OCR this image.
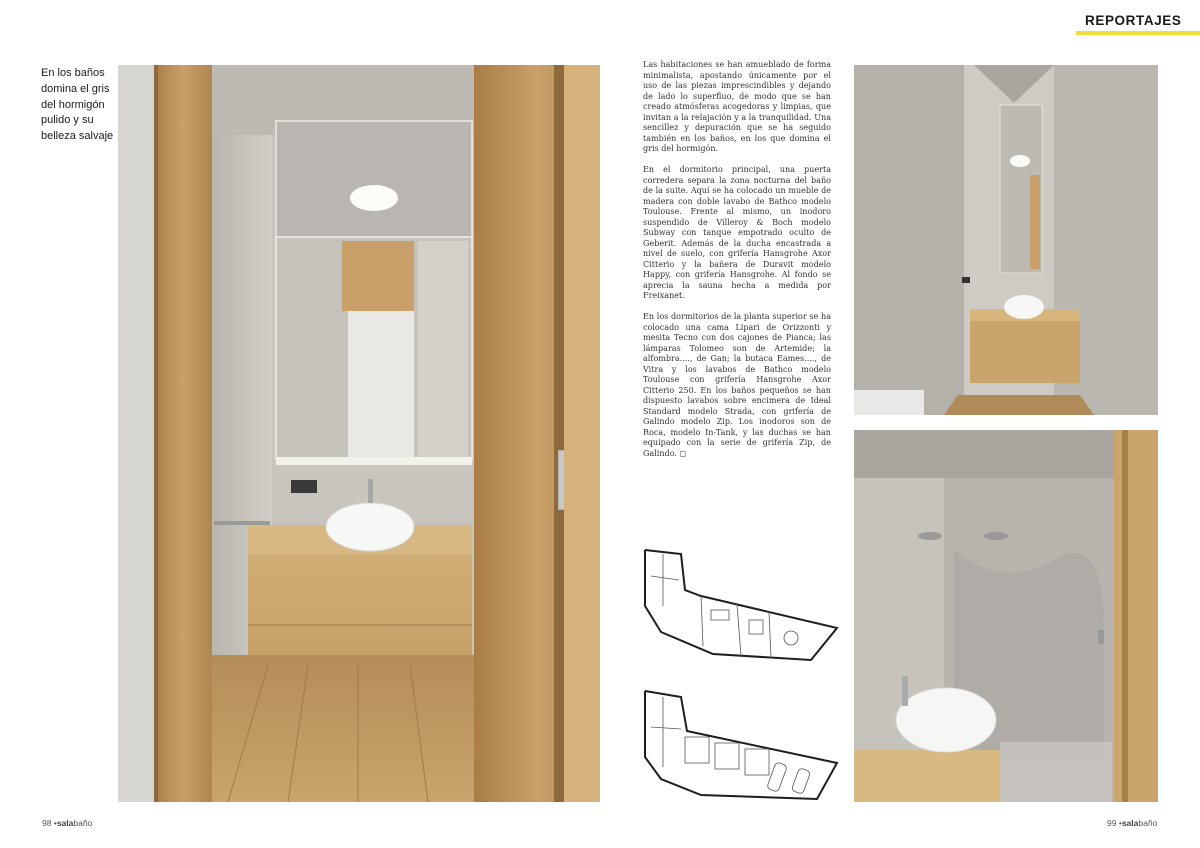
REPORTAJES
En los baños
domina el gris
del hormigón
pulido y su
belleza salvaje

Las habitaciones se han amueblado de forma minimalista, apostando únicamente por el uso de las piezas imprescindibles y dejando de lado lo superfluo, de modo que se han creado atmósferas acogedoras y limpias, que invitan a la relajación y a la tranquilidad. Una sencillez y depuración que se ha seguido también en los baños, en los que domina el gris del hormigón.

En el dormitorio principal, una puerta corredera separa la zona nocturna del baño de la suite. Aquí se ha colocado un mueble de madera con doble lavabo de Bathco modelo Toulouse. Frente al mismo, un inodoro suspendido de Villeroy & Boch modelo Subway con tanque empotrado oculto de Geberit. Además de la ducha encastrada a nivel de suelo, con grifería Hansgrohe Axor Citterio y la bañera de Duravit modelo Happy, con grifería Hansgrohe. Al fondo se aprecia la sauna hecha a medida por Freixanet.

En los dormitorios de la planta superior se ha colocado una cama Lipari de Orizzonti y mesita Tecno con dos cajones de Pianca; las lámparas Tolomeo son de Artemide; la alfombra...., de Gan; la butaca Eames...., de Vitra y los lavabos de Bathco modelo Toulouse con grifería Hansgrohe Axor Citterio 250. En los baños pequeños se han dispuesto lavabos sobre encimera de Ideal Standard modelo Strada, con grifería de Galindo modelo Zip. Los inodoros son de Roca, modelo In-Tank, y las duchas se han equipado con la serie de grifería Zip, de Galindo. ◻

98 •salabaño	99 •salabaño
